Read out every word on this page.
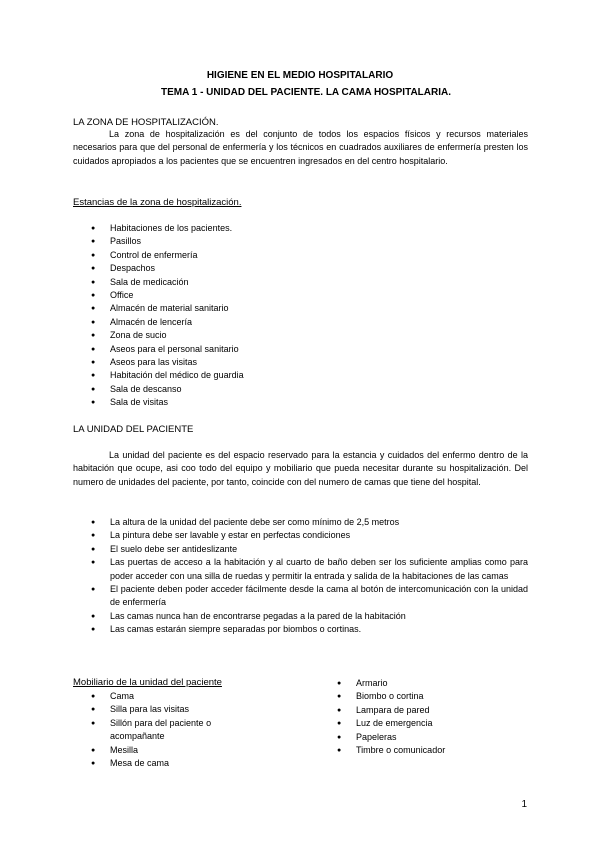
HIGIENE EN EL MEDIO HOSPITALARIO
TEMA 1 - UNIDAD DEL PACIENTE. LA CAMA HOSPITALARIA.
LA ZONA DE HOSPITALIZACIÓN.

La zona de hospitalización es del conjunto de todos los espacios físicos y recursos materiales necesarios para que del personal de enfermería y los técnicos en cuadrados auxiliares de enfermería presten los cuidados apropiados a los pacientes que se encuentren ingresados en del centro hospitalario.

Estancias de la zona de hospitalización.
● Habitaciones de los pacientes.
● Pasillos
● Control de enfermería
● Despachos
● Sala de medicación
● Office
● Almacén de material sanitario
● Almacén de lencería
● Zona de sucio
● Aseos para el personal sanitario
● Aseos para las visitas
● Habitación del médico de guardia
● Sala de descanso
● Sala de visitas
LA UNIDAD DEL PACIENTE

La unidad del paciente es del espacio reservado para la estancia y cuidados del enfermo dentro de la habitación que ocupe, asi coo todo del equipo y mobiliario que pueda necesitar durante su hospitalización. Del numero de unidades del paciente, por tanto, coincide con del numero de camas que tiene del hospital.

● La altura de la unidad del paciente debe ser como mínimo de 2,5 metros
● La pintura debe ser lavable y estar en perfectas condiciones
● El suelo debe ser antideslizante
● Las puertas de acceso a la habitación y al cuarto de baño deben ser los suficiente amplias como para poder acceder con una silla de ruedas y permitir la entrada y salida de la habitaciones de las camas
● El paciente deben poder acceder fácilmente desde la cama al botón de intercomunicación con la unidad de enfermería
● Las camas nunca han de encontrarse pegadas a la pared de la habitación
● Las camas estarán siempre separadas por biombos o cortinas.
Mobiliario de la unidad del paciente
● Cama
● Silla para las visitas
● Sillón para del paciente o acompañante
● Mesilla
● Mesa de cama
● Armario
● Biombo o cortina
● Lampara de pared
● Luz de emergencia
● Papeleras
● Timbre o comunicador
1
